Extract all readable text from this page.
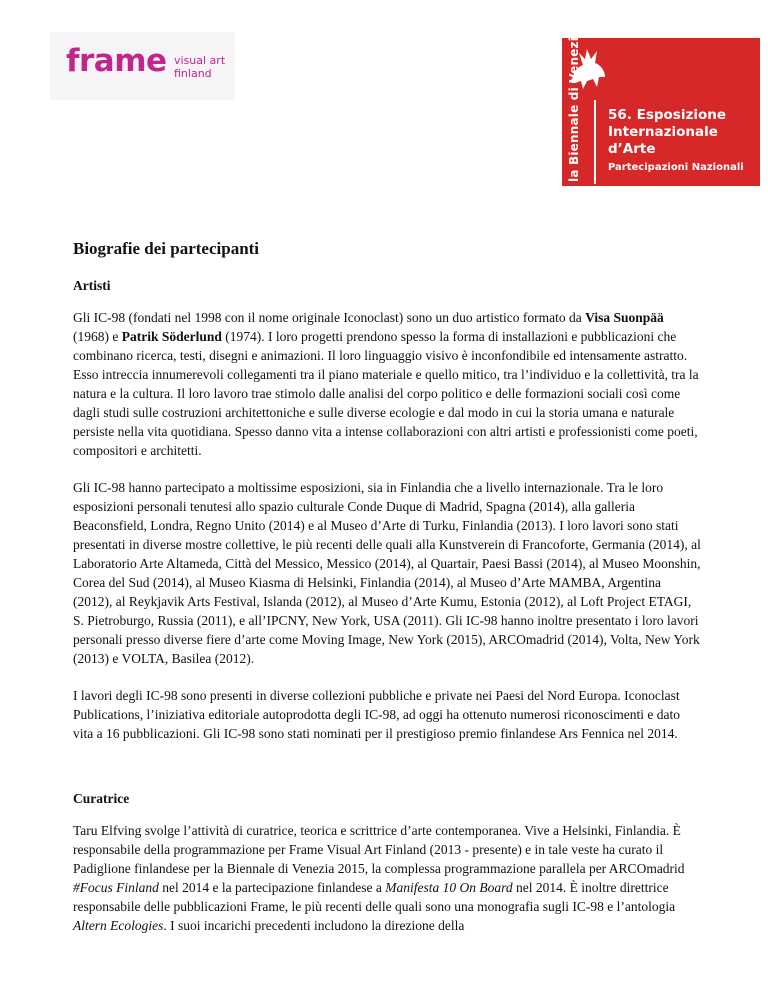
frame visual art
finland	la Biennale di Venezia 56. Esposizione
Internazionale
d’Arte
Partecipazioni Nazionali
Biografie dei partecipanti
Artisti

Gli IC-98 (fondati nel 1998 con il nome originale Iconoclast) sono un duo artistico formato da Visa Suonpää (1968) e Patrik Söderlund (1974). I loro progetti prendono spesso la forma di installazioni e pubblicazioni che combinano ricerca, testi, disegni e animazioni. Il loro linguaggio visivo è inconfondibile ed intensamente astratto. Esso intreccia innumerevoli collegamenti tra il piano materiale e quello mitico, tra l’individuo e la collettività, tra la natura e la cultura. Il loro lavoro trae stimolo dalle analisi del corpo politico e delle formazioni sociali così come dagli studi sulle costruzioni architettoniche e sulle diverse ecologie e dal modo in cui la storia umana e naturale persiste nella vita quotidiana. Spesso danno vita a intense collaborazioni con altri artisti e professionisti come poeti, compositori e architetti.

Gli IC-98 hanno partecipato a moltissime esposizioni, sia in Finlandia che a livello internazionale. Tra le loro esposizioni personali tenutesi allo spazio culturale Conde Duque di Madrid, Spagna (2014), alla galleria Beaconsfield, Londra, Regno Unito (2014) e al Museo d’Arte di Turku, Finlandia (2013). I loro lavori sono stati presentati in diverse mostre collettive, le più recenti delle quali alla Kunstverein di Francoforte, Germania (2014), al Laboratorio Arte Altameda, Città del Messico, Messico (2014), al Quartair, Paesi Bassi (2014), al Museo Moonshin, Corea del Sud (2014), al Museo Kiasma di Helsinki, Finlandia (2014), al Museo d’Arte MAMBA, Argentina (2012), al Reykjavik Arts Festival, Islanda (2012), al Museo d’Arte Kumu, Estonia (2012), al Loft Project ETAGI, S. Pietroburgo, Russia (2011), e all’IPCNY, New York, USA (2011). Gli IC-98 hanno inoltre presentato i loro lavori personali presso diverse fiere d’arte come Moving Image, New York (2015), ARCOmadrid (2014), Volta, New York (2013) e VOLTA, Basilea (2012).

I lavori degli IC-98 sono presenti in diverse collezioni pubbliche e private nei Paesi del Nord Europa. Iconoclast Publications, l’iniziativa editoriale autoprodotta degli IC-98, ad oggi ha ottenuto numerosi riconoscimenti e dato vita a 16 pubblicazioni. Gli IC-98 sono stati nominati per il prestigioso premio finlandese Ars Fennica nel 2014.

Curatrice

Taru Elfving svolge l’attività di curatrice, teorica e scrittrice d’arte contemporanea. Vive a Helsinki, Finlandia. È responsabile della programmazione per Frame Visual Art Finland (2013 - presente) e in tale veste ha curato il Padiglione finlandese per la Biennale di Venezia 2015, la complessa programmazione parallela per ARCOmadrid #Focus Finland nel 2014 e la partecipazione finlandese a Manifesta 10 On Board nel 2014. È inoltre direttrice responsabile delle pubblicazioni Frame, le più recenti delle quali sono una monografia sugli IC-98 e l’antologia Altern Ecologies. I suoi incarichi precedenti includono la direzione della
